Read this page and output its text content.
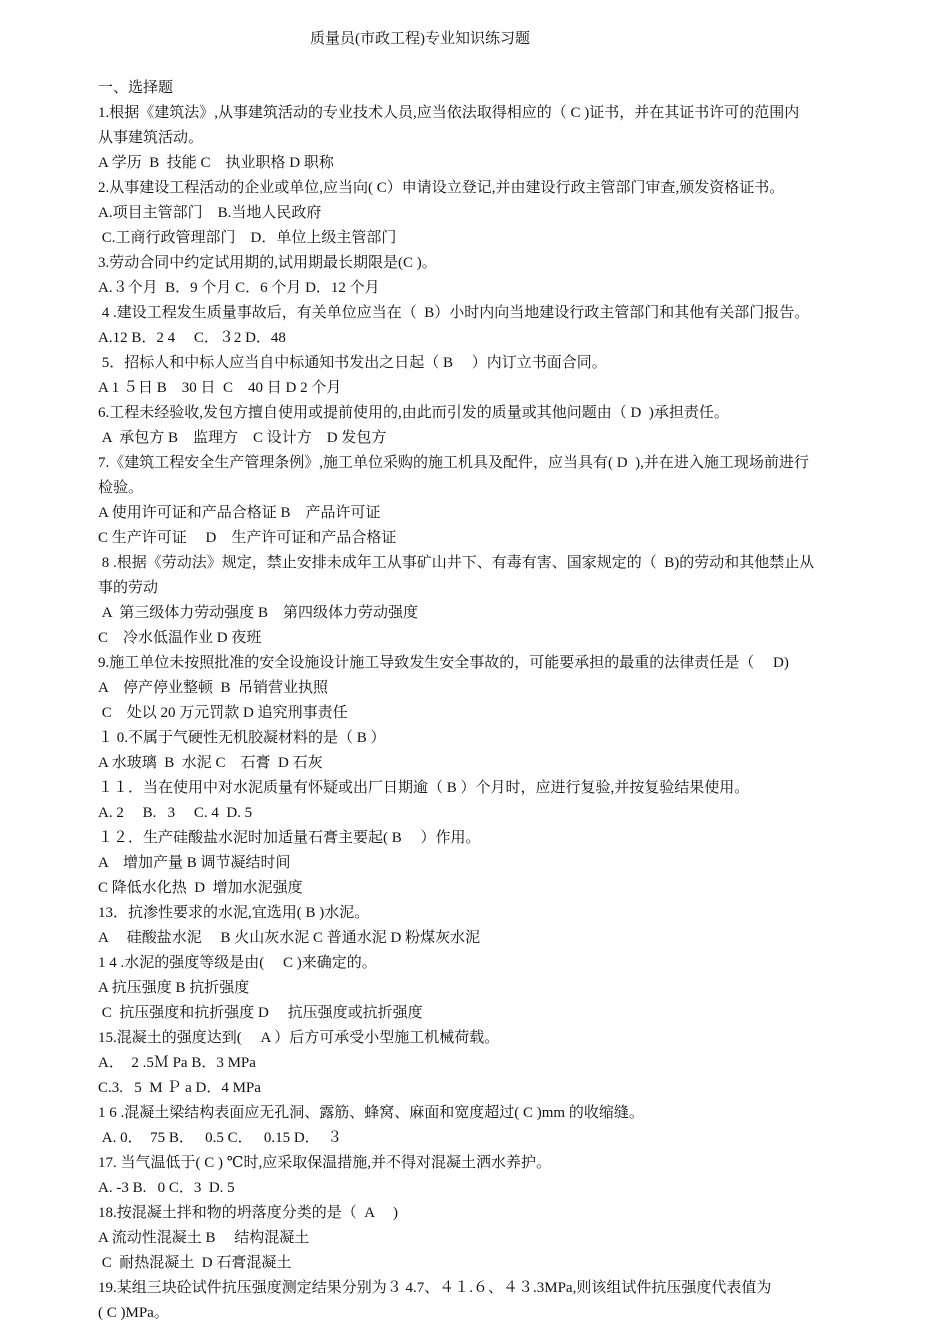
质量员(市政工程)专业知识练习题

一、选择题

1.根据《建筑法》,从事建筑活动的专业技术人员,应当依法取得相应的（ C )证书，并在其证书许可的范围内

从事建筑活动。

A 学历  B  技能 C    执业职格 D 职称

2.从事建设工程活动的企业或单位,应当向( C）申请设立登记,并由建设行政主管部门审查,颁发资格证书。

A.项目主管部门    B.当地人民政府

C.工商行政管理部门    D．单位上级主管部门

3.劳动合同中约定试用期的,试用期最长期限是(C )。

A.３个月  B．9 个月 C．6 个月 D．12 个月

4 .建设工程发生质量事故后，有关单位应当在（  B）小时内向当地建设行政主管部门和其他有关部门报告。

A.12 B．2 4     C．３2 D．48

5．招标人和中标人应当自中标通知书发出之日起（ B     ）内订立书面合同。

A 1 ５日 B    30 日  C    40 日 D 2 个月

6.工程未经验收,发包方擅自使用或提前使用的,由此而引发的质量或其他问题由（ D  )承担责任。

A  承包方 B    监理方    C 设计方    D 发包方

7.《建筑工程安全生产管理条例》,施工单位采购的施工机具及配件，应当具有( D  ),并在进入施工现场前进行

检验。

A 使用许可证和产品合格证 B    产品许可证

C 生产许可证     D    生产许可证和产品合格证

8 .根据《劳动法》规定，禁止安排未成年工从事矿山井下、有毒有害、国家规定的（  B)的劳动和其他禁止从

事的劳动

A  第三级体力劳动强度 B    第四级体力劳动强度

C    冷水低温作业 D 夜班

9.施工单位未按照批准的安全设施设计施工导致发生安全事故的，可能要承担的最重的法律责任是（     D)

A    停产停业整顿  B  吊销营业执照

C    处以 20 万元罚款 D 追究刑事责任

１ 0.不属于气硬性无机胶凝材料的是（ B ）

A 水玻璃  B  水泥 C    石膏  D 石灰

１１．当在使用中对水泥质量有怀疑或出厂日期逾（ B ）个月时，应进行复验,并按复验结果使用。

A. 2     B.   3     C. 4  D. 5

１２．生产硅酸盐水泥时加适量石膏主要起( B     ）作用。

A    增加产量 B 调节凝结时间

C 降低水化热  D  增加水泥强度

13．抗渗性要求的水泥,宜选用( B )水泥。

A     硅酸盐水泥     B 火山灰水泥 C 普通水泥 D 粉煤灰水泥

1 4 .水泥的强度等级是由(     C )来确定的。

A 抗压强度 B 抗折强度

C  抗压强度和抗折强度 D     抗压强度或抗折强度

15.混凝土的强度达到(     A ）后方可承受小型施工机械荷载。

A．  2 .5Ｍ Pa B．3 MPa

C.3.   5  M Ｐ a D．4 MPa

1 6 .混凝土梁结构表面应无孔洞、露筋、蜂窝、麻面和宽度超过( C )mm 的收缩缝。

A. 0．  75 B．   0.5 C．   0.15 D．  ３

17. 当气温低于( C ) ℃时,应采取保温措施,并不得对混凝土洒水养护。

A. -3 B.   0 C．3  D. 5

18.按混凝土拌和物的坍落度分类的是（  A     )

A 流动性混凝土 B     结构混凝土

C  耐热混凝土  D 石膏混凝土

19.某组三块砼试件抗压强度测定结果分别为３ 4.7、４１.６、４３.3MPa,则该组试件抗压强度代表值为

( C )MPa。
